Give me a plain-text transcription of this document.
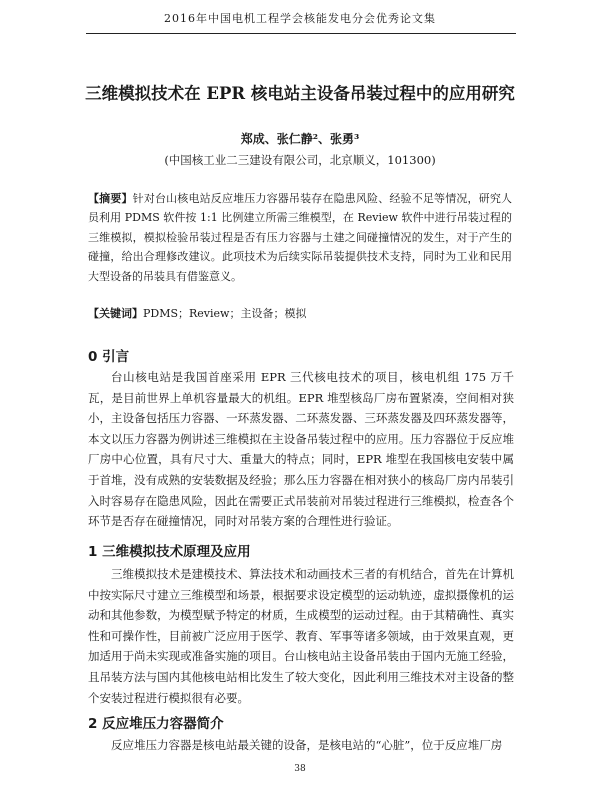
2016年中国电机工程学会核能发电分会优秀论文集
三维模拟技术在 EPR 核电站主设备吊装过程中的应用研究
郑成、张仁静²、张勇³
(中国核工业二三建设有限公司，北京顺义，101300)
【摘要】针对台山核电站反应堆压力容器吊装存在隐患风险、经验不足等情况，研究人员利用 PDMS 软件按 1:1 比例建立所需三维模型，在 Review 软件中进行吊装过程的三维模拟，模拟检验吊装过程是否有压力容器与土建之间碰撞情况的发生，对于产生的碰撞，给出合理修改建议。此项技术为后续实际吊装提供技术支持，同时为工业和民用大型设备的吊装具有借鉴意义。
【关键词】PDMS；Review；主设备；模拟
0 引言
台山核电站是我国首座采用 EPR 三代核电技术的项目，核电机组 175 万千瓦，是目前世界上单机容量最大的机组。EPR 堆型核岛厂房布置紧凑，空间相对狭小，主设备包括压力容器、一环蒸发器、二环蒸发器、三环蒸发器及四环蒸发器等，本文以压力容器为例讲述三维模拟在主设备吊装过程中的应用。压力容器位于反应堆厂房中心位置，具有尺寸大、重量大的特点；同时，EPR 堆型在我国核电安装中属于首堆，没有成熟的安装数据及经验；那么压力容器在相对狭小的核岛厂房内吊装引入时容易存在隐患风险，因此在需要正式吊装前对吊装过程进行三维模拟，检查各个环节是否存在碰撞情况，同时对吊装方案的合理性进行验证。
1 三维模拟技术原理及应用
三维模拟技术是建模技术、算法技术和动画技术三者的有机结合，首先在计算机中按实际尺寸建立三维模型和场景，根据要求设定模型的运动轨迹，虚拟摄像机的运动和其他参数，为模型赋予特定的材质，生成模型的运动过程。由于其精确性、真实性和可操作性，目前被广泛应用于医学、教育、军事等诸多领域，由于效果直观，更加适用于尚未实现或准备实施的项目。台山核电站主设备吊装由于国内无施工经验，且吊装方法与国内其他核电站相比发生了较大变化，因此利用三维技术对主设备的整个安装过程进行模拟很有必要。
2 反应堆压力容器简介
反应堆压力容器是核电站最关键的设备，是核电站的“心脏”，位于反应堆厂房
38
